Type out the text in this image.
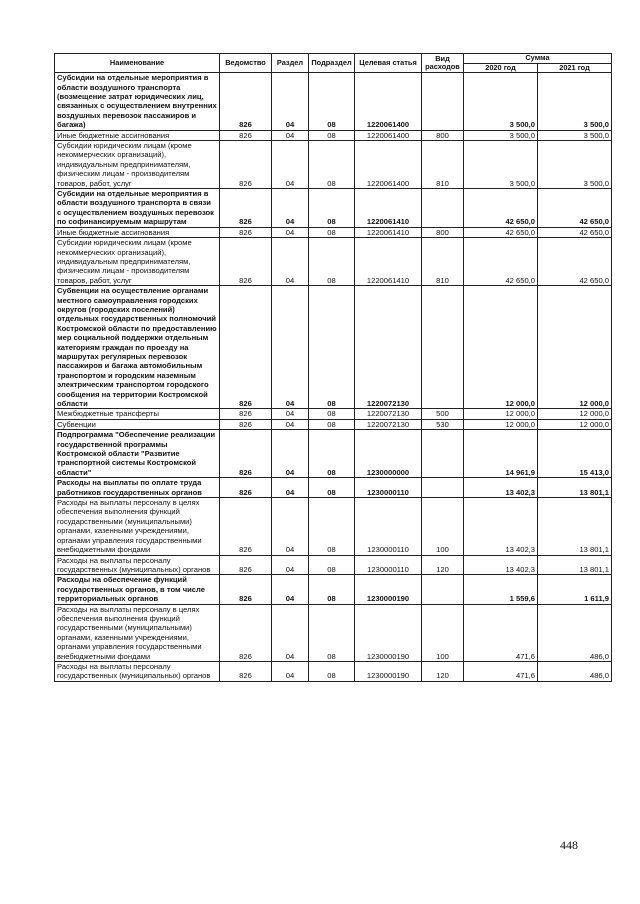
Наименование	Ведомство	Раздел	Подраздел	Целевая статья	Вид расходов	Сумма	
						2020 год	2021 год
Субсидии на отдельные мероприятия в области воздушного транспорта (возмещение затрат юридических лиц, связанных с осуществлением внутренних воздушных перевозок пассажиров и багажа)	826	04	08	1220061400		3 500,0	3 500,0
Иные бюджетные ассигнования	826	04	08	1220061400	800	3 500,0	3 500,0
Субсидии юридическим лицам (кроме некоммерческих организаций), индивидуальным предпринимателям, физическим лицам - производителям товаров, работ, услуг	826	04	08	1220061400	810	3 500,0	3 500,0
Субсидии на отдельные мероприятия в области воздушного транспорта в связи с осуществлением воздушных перевозок по софинансируемым маршрутам	826	04	08	1220061410		42 650,0	42 650,0
Иные бюджетные ассигнования	826	04	08	1220061410	800	42 650,0	42 650,0
Субсидии юридическим лицам (кроме некоммерческих организаций), индивидуальным предпринимателям, физическим лицам - производителям товаров, работ, услуг	826	04	08	1220061410	810	42 650,0	42 650,0
Субвенции на осуществление органами местного самоуправления городских округов (городских поселений) отдельных государственных полномочий Костромской области по предоставлению мер социальной поддержки отдельным категориям граждан по проезду на маршрутах регулярных перевозок пассажиров и багажа автомобильным транспортом и городским наземным электрическим транспортом городского сообщения на территории Костромской области	826	04	08	1220072130		12 000,0	12 000,0
Межбюджетные трансферты	826	04	08	1220072130	500	12 000,0	12 000,0
Субвенции	826	04	08	1220072130	530	12 000,0	12 000,0
Подпрограмма "Обеспечение реализации государственной программы Костромской области "Развитие транспортной системы Костромской области"	826	04	08	1230000000		14 961,9	15 413,0
Расходы на выплаты по оплате труда работников государственных органов	826	04	08	1230000110		13 402,3	13 801,1
Расходы на выплаты персоналу в целях обеспечения выполнения функций государственными (муниципальными) органами, казенными учреждениями, органами управления государственными внебюджетными фондами	826	04	08	1230000110	100	13 402,3	13 801,1
Расходы на выплаты персоналу государственных (муниципальных) органов	826	04	08	1230000110	120	13 402,3	13 801,1
Расходы на обеспечение функций государственных органов, в том числе территориальных органов	826	04	08	1230000190		1 559,6	1 611,9
Расходы на выплаты персоналу в целях обеспечения выполнения функций государственными (муниципальными) органами, казенными учреждениями, органами управления государственными внебюджетными фондами	826	04	08	1230000190	100	471,6	486,0
Расходы на выплаты персоналу государственных (муниципальных) органов	826	04	08	1230000190	120	471,6	486,0
448
